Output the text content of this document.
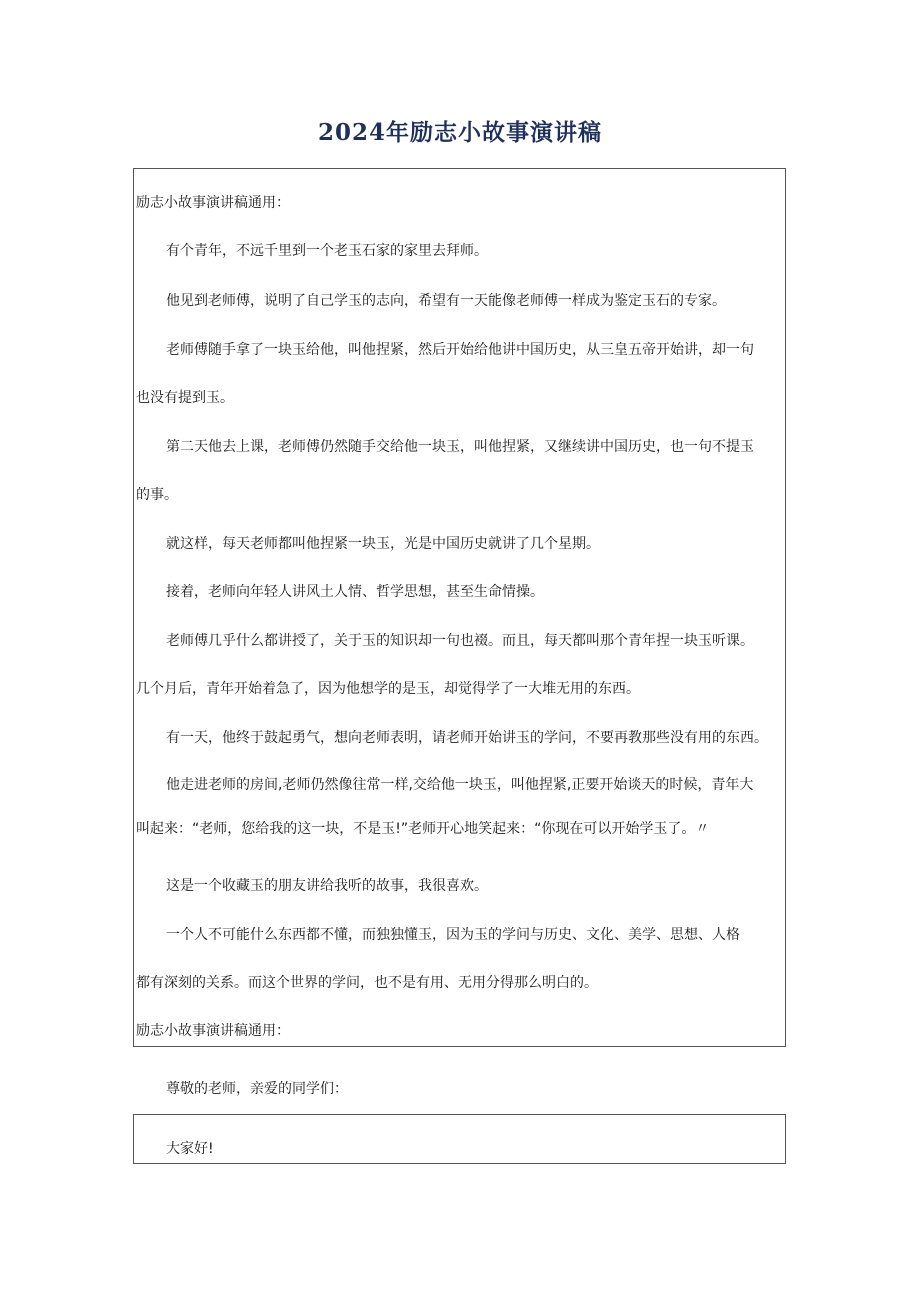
2024年励志小故事演讲稿
励志小故事演讲稿通用：
有个青年，不远千里到一个老玉石家的家里去拜师。
他见到老师傅，说明了自己学玉的志向，希望有一天能像老师傅一样成为鉴定玉石的专家。
老师傅随手拿了一块玉给他，叫他捏紧，然后开始给他讲中国历史，从三皇五帝开始讲，却一句
也没有提到玉。
第二天他去上课，老师傅仍然随手交给他一块玉，叫他捏紧，又继续讲中国历史，也一句不提玉
的事。
就这样，每天老师都叫他捏紧一块玉，光是中国历史就讲了几个星期。
接着，老师向年轻人讲风土人情、哲学思想，甚至生命情操。
老师傅几乎什么都讲授了，关于玉的知识却一句也裰。而且，每天都叫那个青年捏一块玉听课。
几个月后，青年开始着急了，因为他想学的是玉，却觉得学了一大堆无用的东西。
有一天，他终于鼓起勇气，想向老师表明，请老师开始讲玉的学问，不要再教那些没有用的东西。
他走进老师的房间,老师仍然像往常一样,交给他一块玉，叫他捏紧,正要开始谈天的时候，青年大
叫起来：“老师，您给我的这一块，不是玉!”老师开心地笑起来：“你现在可以开始学玉了。〃
这是一个收藏玉的朋友讲给我听的故事，我很喜欢。
一个人不可能什么东西都不懂，而独独懂玉，因为玉的学问与历史、文化、美学、思想、人格
都有深刻的关系。而这个世界的学问，也不是有用、无用分得那么明白的。
励志小故事演讲稿通用：
尊敬的老师，亲爱的同学们：
大家好!
